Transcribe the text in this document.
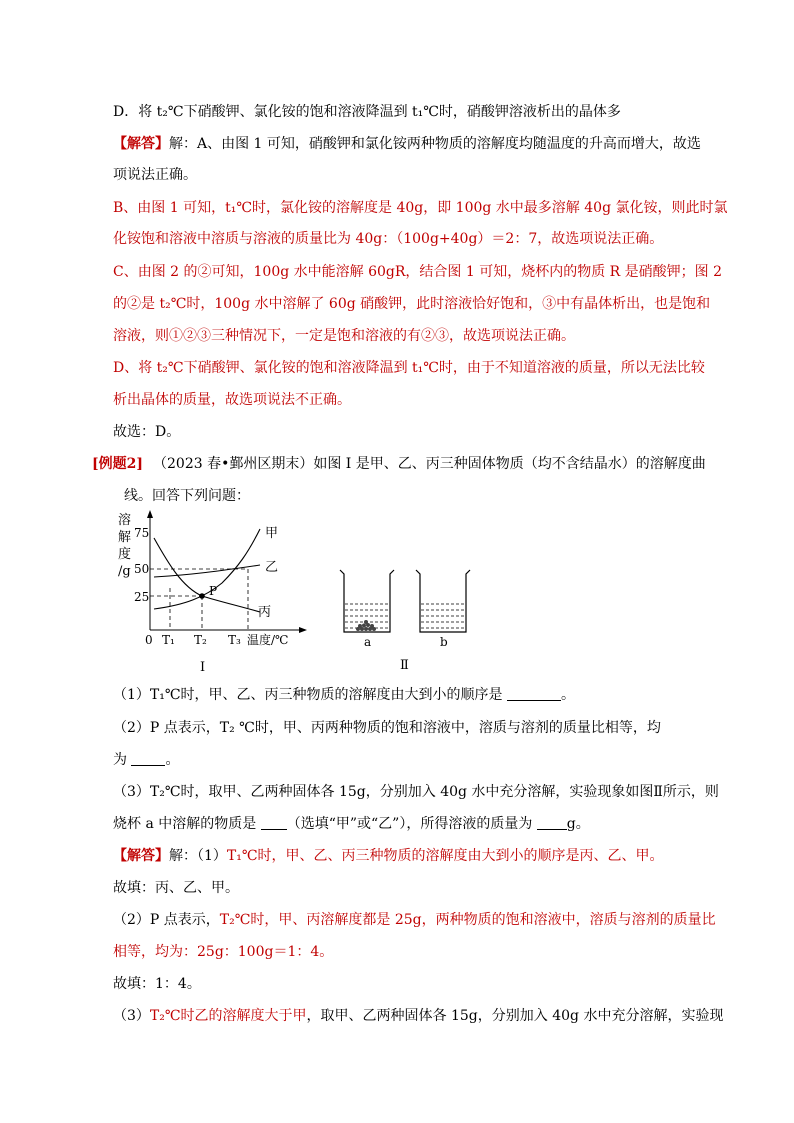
D．将 t₂℃下硝酸钾、氯化铵的饱和溶液降温到 t₁℃时，硝酸钾溶液析出的晶体多
【解答】解：A、由图 1 可知，硝酸钾和氯化铵两种物质的溶解度均随温度的升高而增大，故选
项说法正确。
B、由图 1 可知，t₁℃时，氯化铵的溶解度是 40g，即 100g 水中最多溶解 40g 氯化铵，则此时氯
化铵饱和溶液中溶质与溶液的质量比为 40g：（100g+40g）＝2：7，故选项说法正确。
C、由图 2 的②可知，100g 水中能溶解 60gR，结合图 1 可知，烧杯内的物质 R 是硝酸钾；图 2
的②是 t₂℃时，100g 水中溶解了 60g 硝酸钾，此时溶液恰好饱和，③中有晶体析出，也是饱和
溶液，则①②③三种情况下，一定是饱和溶液的有②③，故选项说法正确。
D、将 t₂℃下硝酸钾、氯化铵的饱和溶液降温到 t₁℃时，由于不知道溶液的质量，所以无法比较
析出晶体的质量，故选项说法不正确。
故选：D。
[例题2] （2023 春•鄞州区期末）如图 I 是甲、乙、丙三种固体物质（均不含结晶水）的溶解度曲
线。回答下列问题：
溶
解
度
/g
75
50
25
甲
乙
丙
P
0 T₁ T₂ T₃ 温度/℃
I
a	b
Ⅱ
（1）T₁℃时，甲、乙、丙三种物质的溶解度由大到小的顺序是	。
（2）P 点表示，T₂ ℃时，甲、丙两种物质的饱和溶液中，溶质与溶剂的质量比相等，均
为	。
（3）T₂℃时，取甲、乙两种固体各 15g，分别加入 40g 水中充分溶解，实验现象如图Ⅱ所示，则
烧杯 a 中溶解的物质是 （选填“甲”或“乙”），所得溶液的质量为 g。
【解答】解：（1）T₁℃时，甲、乙、丙三种物质的溶解度由大到小的顺序是丙、乙、甲。
故填：丙、乙、甲。
（2）P 点表示，T₂℃时，甲、丙溶解度都是 25g，两种物质的饱和溶液中，溶质与溶剂的质量比
相等，均为：25g：100g＝1：4。
故填：1：4。
（3）T₂℃时乙的溶解度大于甲，取甲、乙两种固体各 15g，分别加入 40g 水中充分溶解，实验现
